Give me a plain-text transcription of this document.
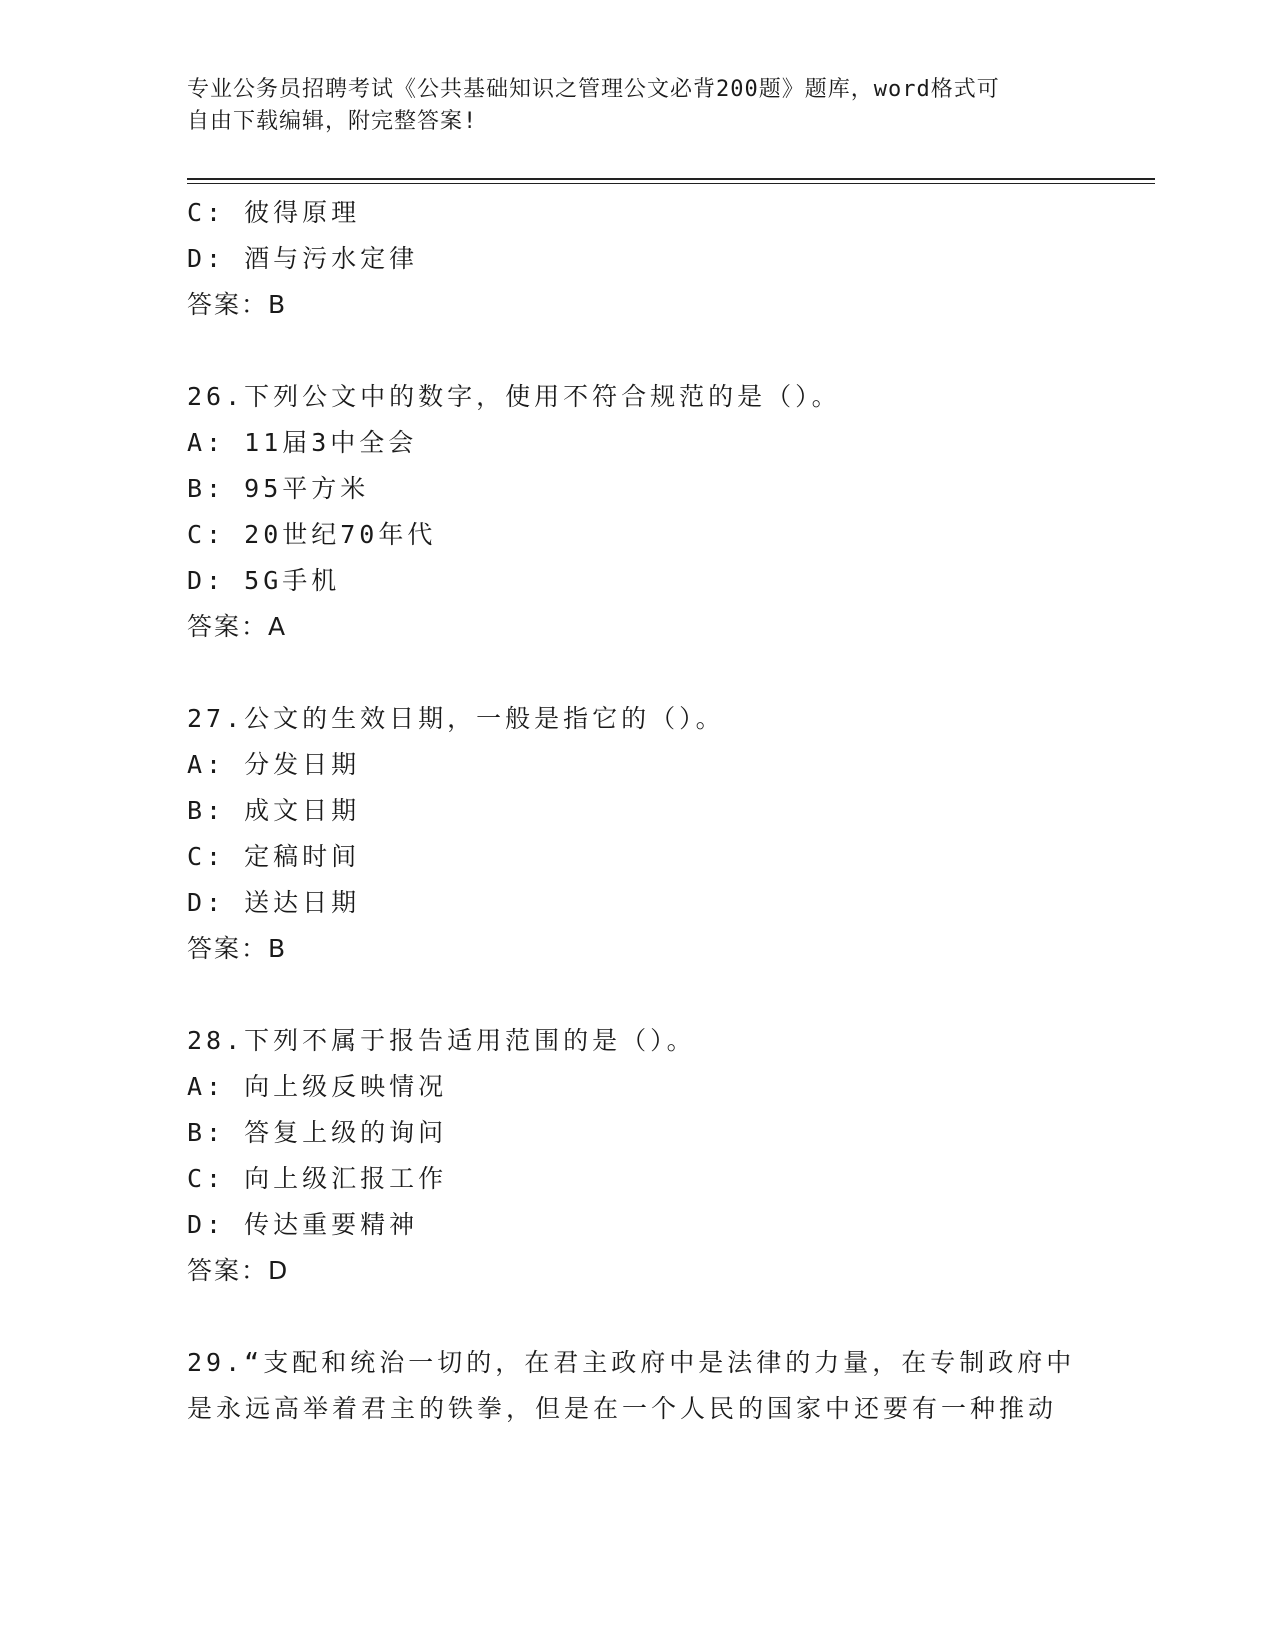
专业公务员招聘考试《公共基础知识之管理公文必背200题》题库，word格式可
自由下载编辑，附完整答案!
C: 彼得原理
D: 酒与污水定律
答案：B
26.下列公文中的数字，使用不符合规范的是（）。
A: 11届3中全会
B: 95平方米
C: 20世纪70年代
D: 5G手机
答案：A
27.公文的生效日期，一般是指它的（）。
A: 分发日期
B: 成文日期
C: 定稿时间
D: 送达日期
答案：B
28.下列不属于报告适用范围的是（）。
A: 向上级反映情况
B: 答复上级的询问
C: 向上级汇报工作
D: 传达重要精神
答案：D
29.“支配和统治一切的，在君主政府中是法律的力量，在专制政府中
是永远高举着君主的铁拳，但是在一个人民的国家中还要有一种推动
